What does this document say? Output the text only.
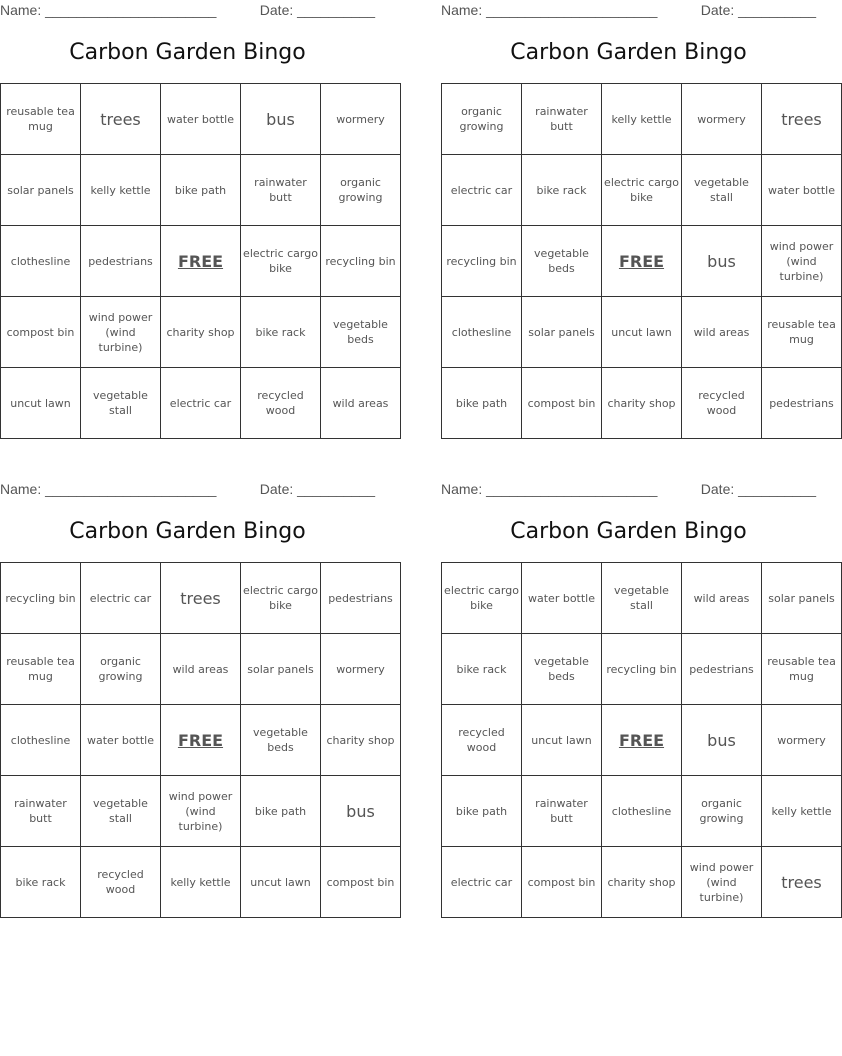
Name: ______________________	Date: __________
Carbon Garden Bingo
reusable tea mug	trees	water bottle	bus	wormery
solar panels	kelly kettle	bike path	rainwater butt	organic growing
clothesline	pedestrians	FREE	electric cargo bike	recycling bin
compost bin	wind power (wind turbine)	charity shop	bike rack	vegetable beds
uncut lawn	vegetable stall	electric car	recycled wood	wild areas
Name: ______________________	Date: __________
Carbon Garden Bingo
organic growing	rainwater butt	kelly kettle	wormery	trees
electric car	bike rack	electric cargo bike	vegetable stall	water bottle
recycling bin	vegetable beds	FREE	bus	wind power (wind turbine)
clothesline	solar panels	uncut lawn	wild areas	reusable tea mug
bike path	compost bin	charity shop	recycled wood	pedestrians
Name: ______________________	Date: __________
Carbon Garden Bingo
recycling bin	electric car	trees	electric cargo bike	pedestrians
reusable tea mug	organic growing	wild areas	solar panels	wormery
clothesline	water bottle	FREE	vegetable beds	charity shop
rainwater butt	vegetable stall	wind power (wind turbine)	bike path	bus
bike rack	recycled wood	kelly kettle	uncut lawn	compost bin
Name: ______________________	Date: __________
Carbon Garden Bingo
electric cargo bike	water bottle	vegetable stall	wild areas	solar panels
bike rack	vegetable beds	recycling bin	pedestrians	reusable tea mug
recycled wood	uncut lawn	FREE	bus	wormery
bike path	rainwater butt	clothesline	organic growing	kelly kettle
electric car	compost bin	charity shop	wind power (wind turbine)	trees
